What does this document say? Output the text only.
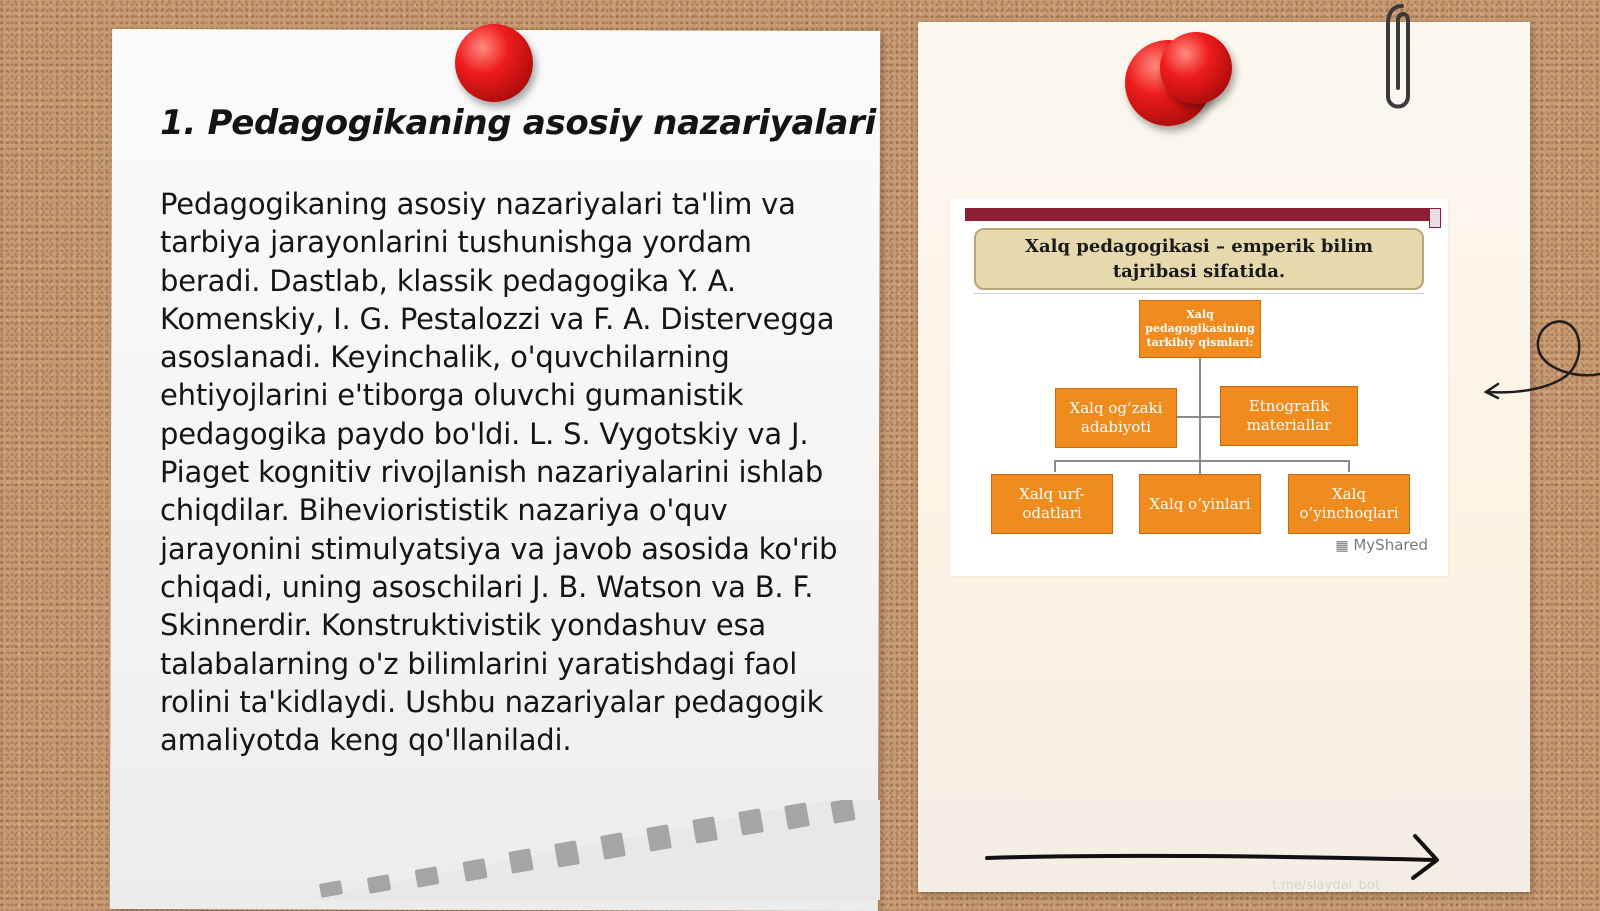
1. Pedagogikaning asosiy nazariyalari

Pedagogikaning asosiy nazariyalari ta'lim va tarbiya jarayonlarini tushunishga yordam beradi. Dastlab, klassik pedagogika Y. A. Komenskiy, I. G. Pestalozzi va F. A. Distervegga asoslanadi. Keyinchalik, o'quvchilarning ehtiyojlarini e'tiborga oluvchi gumanistik pedagogika paydo bo'ldi. L. S. Vygotskiy va J. Piaget kognitiv rivojlanish nazariyalarini ishlab chiqdilar. Biheviorististik nazariya o'quv jarayonini stimulyatsiya va javob asosida ko'rib chiqadi, uning asoschilari J. B. Watson va B. F. Skinnerdir. Konstruktivistik yondashuv esa talabalarning o'z bilimlarini yaratishdagi faol rolini ta'kidlaydi. Ushbu nazariyalar pedagogik amaliyotda keng qo'llaniladi.

Xalq pedagogikasi – emperik bilim tajribasi sifatida.
Xalq pedagogikasining tarkibiy qismlari:
Xalq og’zaki adabiyoti
Etnografik materiallar
Xalq urf-odatlari
Xalq o’yinlari
Xalq o’yinchoqlari
▦ MyShared
t.me/slaydai_bot
